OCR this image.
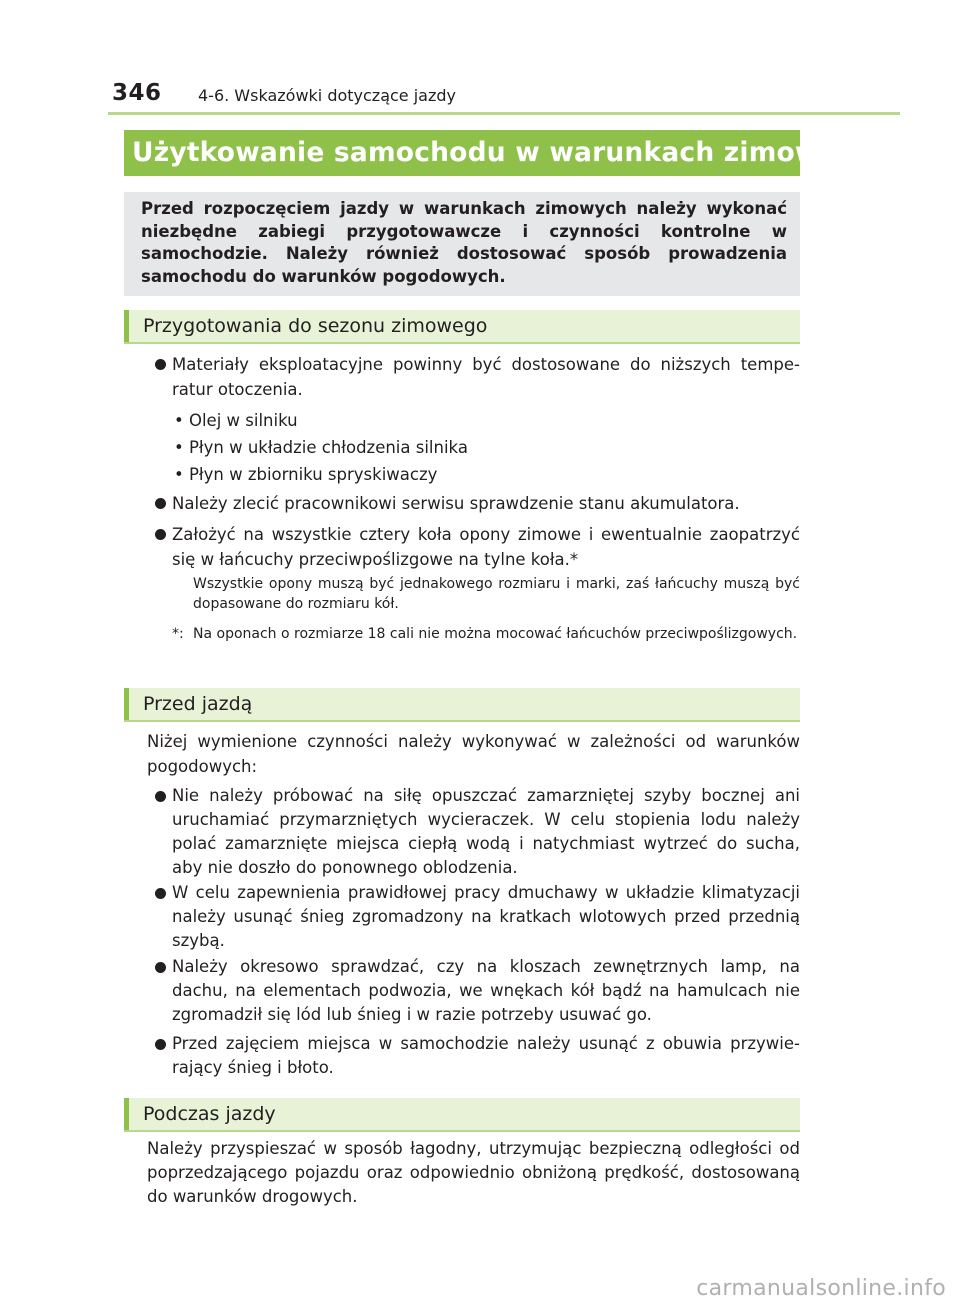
346 4-6. Wskazówki dotyczące jazdy
Użytkowanie samochodu w warunkach zimowych
Przed rozpoczęciem jazdy w warunkach zimowych należy wykonać niezbędne zabiegi przygotowawcze i czynności kontrolne w samochodzie. Należy również dostosować sposób prowadzenia samochodu do warunków pogodowych.
Przygotowania do sezonu zimowego
Materiały eksploatacyjne powinny być dostosowane do niższych temperatur otoczenia.
• Olej w silniku
• Płyn w układzie chłodzenia silnika
• Płyn w zbiorniku spryskiwaczy
Należy zlecić pracownikowi serwisu sprawdzenie stanu akumulatora.
Założyć na wszystkie cztery koła opony zimowe i ewentualnie zaopatrzyć się w łańcuchy przeciwpoślizgowe na tylne koła.*
Wszystkie opony muszą być jednakowego rozmiaru i marki, zaś łańcuchy muszą być dopasowane do rozmiaru kół.
*: Na oponach o rozmiarze 18 cali nie można mocować łańcuchów przeciwpoślizgowych.
Przed jazdą
Niżej wymienione czynności należy wykonywać w zależności od warunków pogodowych:
Nie należy próbować na siłę opuszczać zamarzniętej szyby bocznej ani uruchamiać przymarzniętych wycieraczek. W celu stopienia lodu należy polać zamarznięte miejsca ciepłą wodą i natychmiast wytrzeć do sucha, aby nie doszło do ponownego oblodzenia.
W celu zapewnienia prawidłowej pracy dmuchawy w układzie klimatyzacji należy usunąć śnieg zgromadzony na kratkach wlotowych przed przednią szybą.
Należy okresowo sprawdzać, czy na kloszach zewnętrznych lamp, na dachu, na elementach podwozia, we wnękach kół bądź na hamulcach nie zgromadził się lód lub śnieg i w razie potrzeby usuwać go.
Przed zajęciem miejsca w samochodzie należy usunąć z obuwia przywierający śnieg i błoto.
Podczas jazdy
Należy przyspieszać w sposób łagodny, utrzymując bezpieczną odległości od poprzedzającego pojazdu oraz odpowiednio obniżoną prędkość, dostosowaną do warunków drogowych.
carmanualsonline.info
